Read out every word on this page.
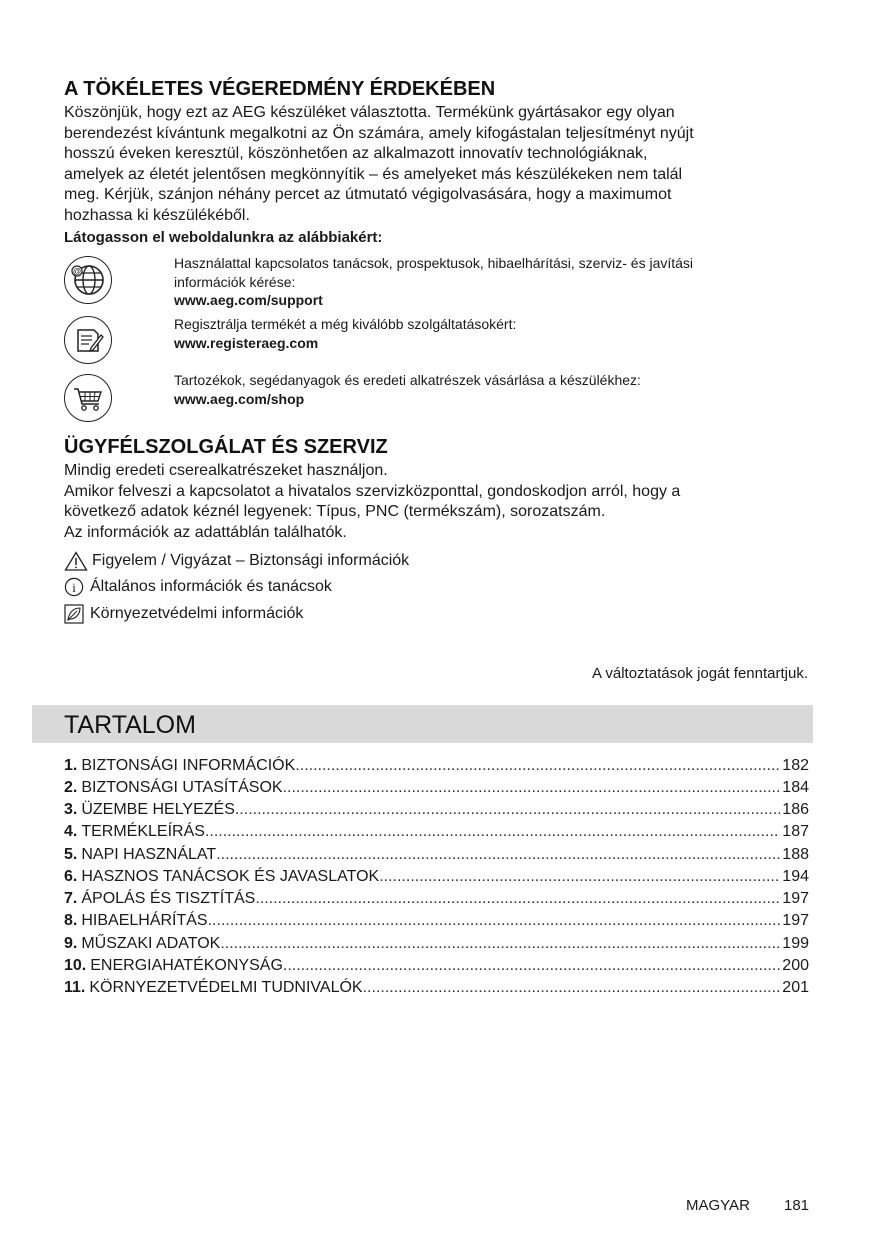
A TÖKÉLETES VÉGEREDMÉNY ÉRDEKÉBEN
Köszönjük, hogy ezt az AEG készüléket választotta. Termékünk gyártásakor egy olyan
berendezést kívántunk megalkotni az Ön számára, amely kifogástalan teljesítményt nyújt
hosszú éveken keresztül, köszönhetően az alkalmazott innovatív technológiáknak,
amelyek az életét jelentősen megkönnyítik – és amelyeket más készülékeken nem talál
meg. Kérjük, szánjon néhány percet az útmutató végigolvasására, hogy a maximumot
hozhassa ki készülékéből.
Látogasson el weboldalunkra az alábbiakért:
@
Használattal kapcsolatos tanácsok, prospektusok, hibaelhárítási, szerviz- és javítási
információk kérése:
www.aeg.com/support
Regisztrálja termékét a még kiválóbb szolgáltatásokért:
www.registeraeg.com
Tartozékok, segédanyagok és eredeti alkatrészek vásárlása a készülékhez:
www.aeg.com/shop
ÜGYFÉLSZOLGÁLAT ÉS SZERVIZ
Mindig eredeti cserealkatrészeket használjon.
Amikor felveszi a kapcsolatot a hivatalos szervizközponttal, gondoskodjon arról, hogy a
következő adatok kéznél legyenek: Típus, PNC (termékszám), sorozatszám.
Az információk az adattáblán találhatók.
Figyelem / Vigyázat – Biztonsági információk
i Általános információk és tanácsok
Környezetvédelmi információk
A változtatások jogát fenntartjuk.
TARTALOM
1. BIZTONSÁGI INFORMÁCIÓK .....	182
2. BIZTONSÁGI UTASÍTÁSOK .....	184
3. ÜZEMBE HELYEZÉS .....	186
4. TERMÉKLEÍRÁS .....	187
5. NAPI HASZNÁLAT .....	188
6. HASZNOS TANÁCSOK ÉS JAVASLATOK .....	194
7. ÁPOLÁS ÉS TISZTÍTÁS .....	197
8. HIBAELHÁRÍTÁS .....	197
9. MŰSZAKI ADATOK .....	199
10. ENERGIAHATÉKONYSÁG .....	200
11. KÖRNYEZETVÉDELMI TUDNIVALÓK .....	201
MAGYAR 181
